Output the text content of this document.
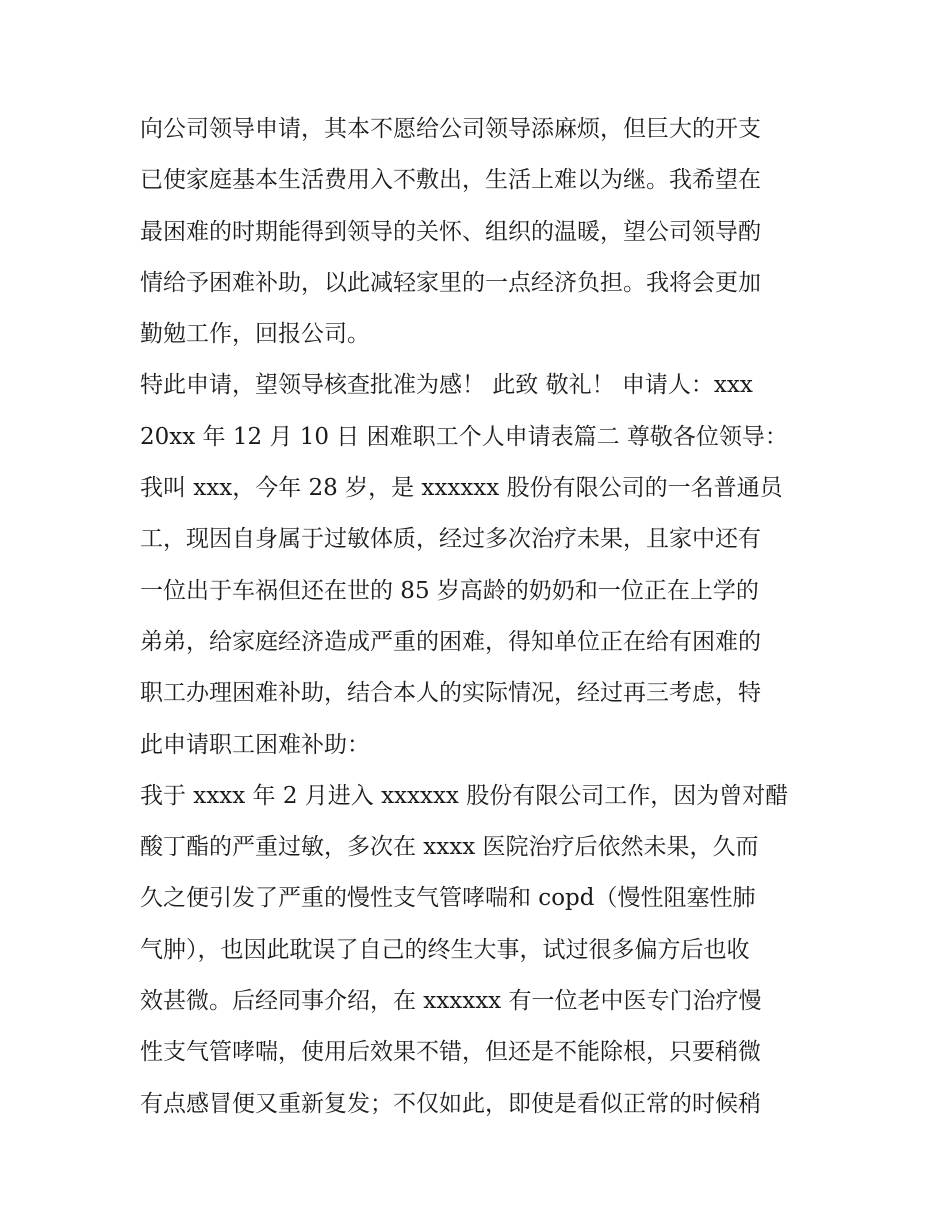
向公司领导申请，其本不愿给公司领导添麻烦，但巨大的开支
已使家庭基本生活费用入不敷出，生活上难以为继。我希望在
最困难的时期能得到领导的关怀、组织的温暖，望公司领导酌
情给予困难补助，以此减轻家里的一点经济负担。我将会更加
勤勉工作，回报公司。
特此申请，望领导核查批准为感！ 此致 敬礼！ 申请人：xxx
20xx 年 12 月 10 日 困难职工个人申请表篇二 尊敬各位领导：
我叫 xxx，今年 28 岁，是 xxxxxx 股份有限公司的一名普通员
工，现因自身属于过敏体质，经过多次治疗未果，且家中还有
一位出于车祸但还在世的 85 岁高龄的奶奶和一位正在上学的
弟弟，给家庭经济造成严重的困难，得知单位正在给有困难的
职工办理困难补助，结合本人的实际情况，经过再三考虑，特
此申请职工困难补助：
我于 xxxx 年 2 月进入 xxxxxx 股份有限公司工作，因为曾对醋
酸丁酯的严重过敏，多次在 xxxx 医院治疗后依然未果，久而
久之便引发了严重的慢性支气管哮喘和 copd（慢性阻塞性肺
气肿），也因此耽误了自己的终生大事，试过很多偏方后也收
效甚微。后经同事介绍，在 xxxxxx 有一位老中医专门治疗慢
性支气管哮喘，使用后效果不错，但还是不能除根，只要稍微
有点感冒便又重新复发；不仅如此，即使是看似正常的时候稍
